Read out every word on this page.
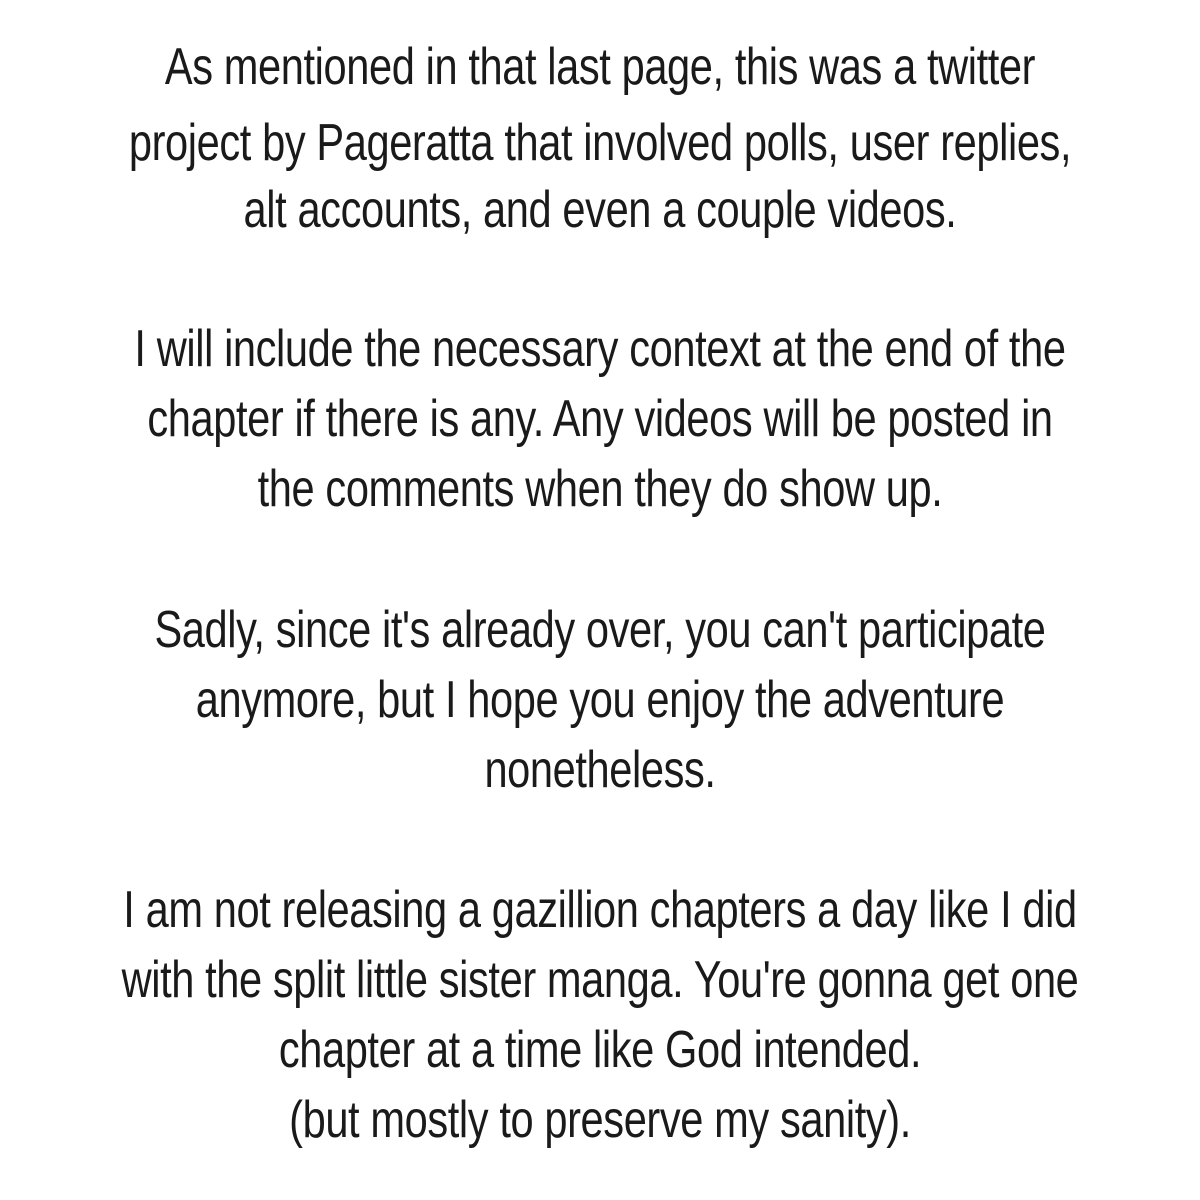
As mentioned in that last page, this was a twitter
project by Pageratta that involved polls, user replies,
alt accounts, and even a couple videos.
I will include the necessary context at the end of the
chapter if there is any. Any videos will be posted in
the comments when they do show up.
Sadly, since it's already over, you can't participate
anymore, but I hope you enjoy the adventure
nonetheless.
I am not releasing a gazillion chapters a day like I did
with the split little sister manga. You're gonna get one
chapter at a time like God intended.
(but mostly to preserve my sanity).
